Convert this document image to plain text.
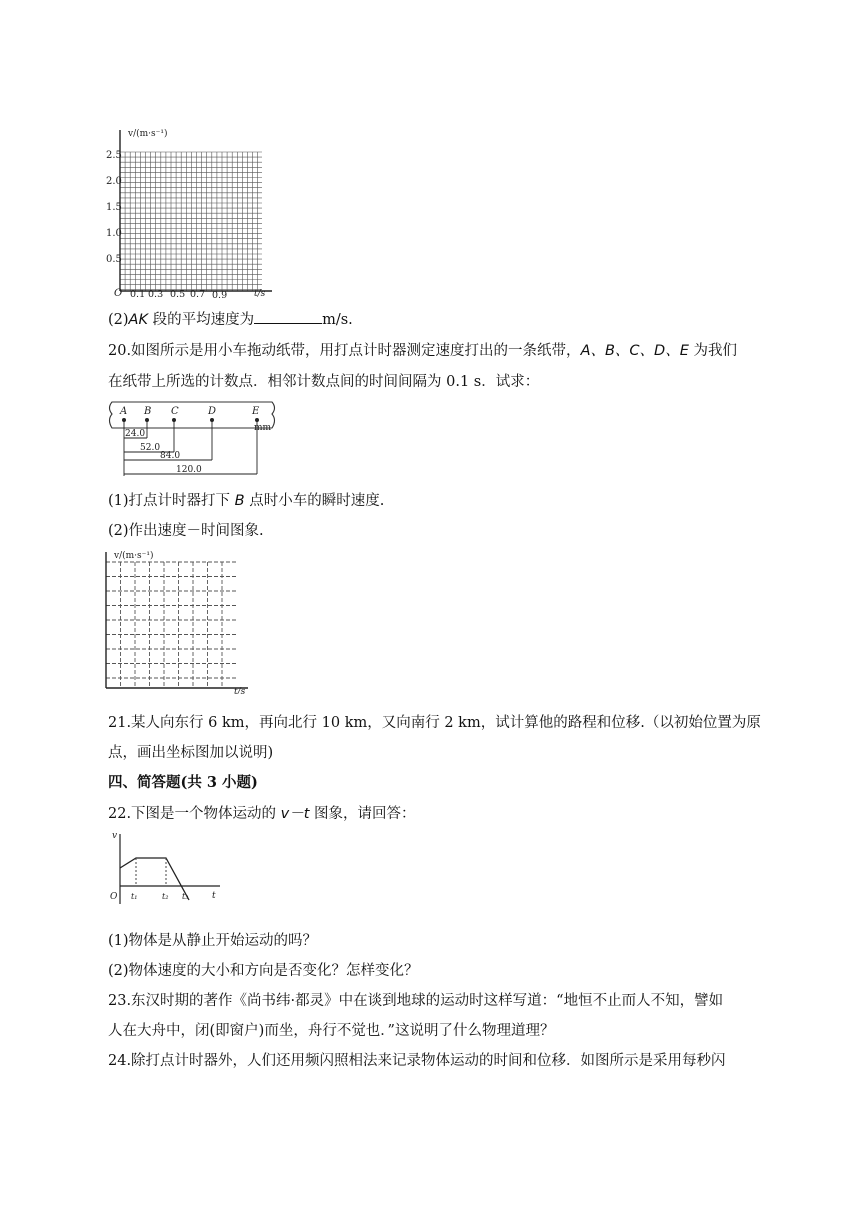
v/(m·s⁻¹)
2.5
2.0
1.5
1.0
0.5
O 0.1 0.3 0.5 0.7 0.9	t/s
(2)AK 段的平均速度为	m/s.
20.如图所示是用小车拖动纸带，用打点计时器测定速度打出的一条纸带，A、B、C、D、E 为我们
在纸带上所选的计数点．相邻计数点间的时间间隔为 0.1 s．试求：
A B C	D	E
mm
24.0
52.0
84.0
120.0
(1)打点计时器打下 B 点时小车的瞬时速度.
(2)作出速度－时间图象.
v/(m·s⁻¹)
t/s
21.某人向东行 6 km，再向北行 10 km，又向南行 2 km，试计算他的路程和位移.（以初始位置为原
点，画出坐标图加以说明)
四、简答题(共 3 小题)
22.下图是一个物体运动的 v－t 图象，请回答：
v
O t₁	t₂ t₃	t
(1)物体是从静止开始运动的吗？
(2)物体速度的大小和方向是否变化？怎样变化？
23.东汉时期的著作《尚书纬·都灵》中在谈到地球的运动时这样写道：“地恒不止而人不知，譬如
人在大舟中，闭(即窗户)而坐，舟行不觉也．”这说明了什么物理道理？
24.除打点计时器外，人们还用频闪照相法来记录物体运动的时间和位移．如图所示是采用每秒闪
